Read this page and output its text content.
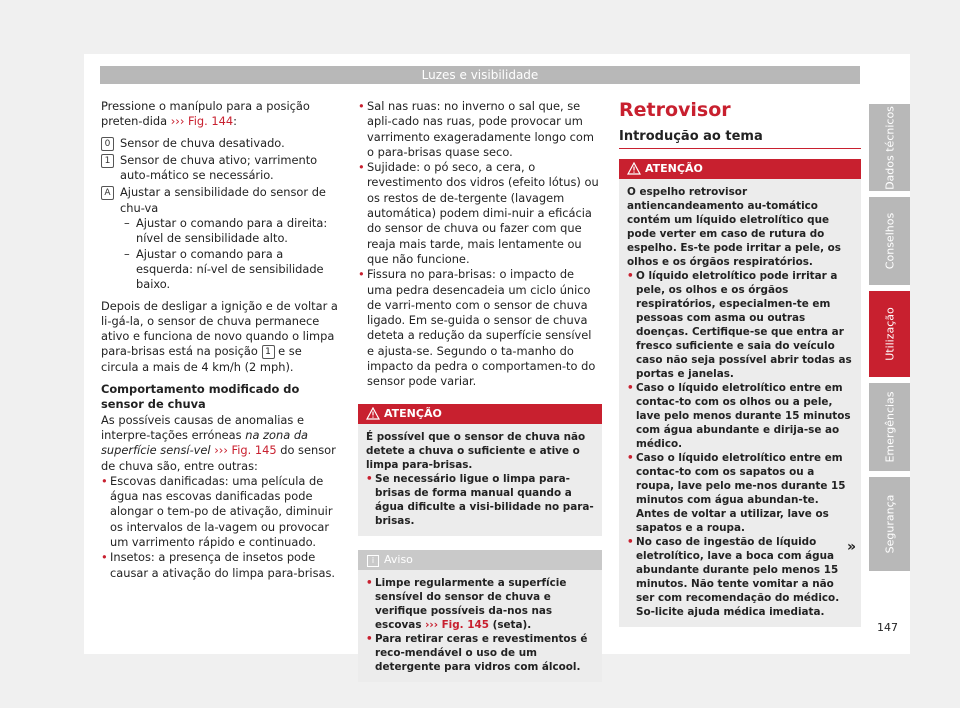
Luzes e visibilidade

Pressione o manípulo para a posição preten-dida ››› Fig. 144:

0 Sensor de chuva desativado.
1 Sensor de chuva ativo; varrimento auto-mático se necessário.
A Ajustar a sensibilidade do sensor de chu-va
– Ajustar o comando para a direita: nível de sensibilidade alto.
– Ajustar o comando para a esquerda: ní-vel de sensibilidade baixo.

Depois de desligar a ignição e de voltar a li-gá-la, o sensor de chuva permanece ativo e funciona de novo quando o limpa para-brisas está na posição 1 e se circula a mais de 4 km/h (2 mph).

Comportamento modificado do sensor de chuva

As possíveis causas de anomalias e interpre-tações erróneas na zona da superfície sensí-vel ››› Fig. 145 do sensor de chuva são, entre outras:

• Escovas danificadas: uma película de água nas escovas danificadas pode alongar o tem-po de ativação, diminuir os intervalos de la-vagem ou provocar um varrimento rápido e continuado.
• Insetos: a presença de insetos pode causar a ativação do limpa para-brisas.
• Sal nas ruas: no inverno o sal que, se apli-cado nas ruas, pode provocar um varrimento exageradamente longo com o para-brisas quase seco.
• Sujidade: o pó seco, a cera, o revestimento dos vidros (efeito lótus) ou os restos de de-tergente (lavagem automática) podem dimi-nuir a eficácia do sensor de chuva ou fazer com que reaja mais tarde, mais lentamente ou que não funcione.
• Fissura no para-brisas: o impacto de uma pedra desencadeia um ciclo único de varri-mento com o sensor de chuva ligado. Em se-guida o sensor de chuva deteta a redução da superfície sensível e ajusta-se. Segundo o ta-manho do impacto da pedra o comportamen-to do sensor pode variar.
ATENÇÃO

É possível que o sensor de chuva não detete a chuva o suficiente e ative o limpa para-brisas.

• Se necessário ligue o limpa para-brisas de forma manual quando a água dificulte a visi-bilidade no para-brisas.
i Aviso
• Limpe regularmente a superfície sensível do sensor de chuva e verifique possíveis da-nos nas escovas ››› Fig. 145 (seta).
• Para retirar ceras e revestimentos é reco-mendável o uso de um detergente para vidros com álcool.
Retrovisor
Introdução ao tema
ATENÇÃO

O espelho retrovisor antiencandeamento au-tomático contém um líquido eletrolítico que pode verter em caso de rutura do espelho. Es-te pode irritar a pele, os olhos e os órgãos respiratórios.

• O líquido eletrolítico pode irritar a pele, os olhos e os órgãos respiratórios, especialmen-te em pessoas com asma ou outras doenças. Certifique-se que entra ar fresco suficiente e saia do veículo caso não seja possível abrir todas as portas e janelas.
• Caso o líquido eletrolítico entre em contac-to com os olhos ou a pele, lave pelo menos durante 15 minutos com água abundante e dirija-se ao médico.
• Caso o líquido eletrolítico entre em contac-to com os sapatos ou a roupa, lave pelo me-nos durante 15 minutos com água abundan-te. Antes de voltar a utilizar, lave os sapatos e a roupa.
• No caso de ingestão de líquido eletrolítico, lave a boca com água abundante durante pelo menos 15 minutos. Não tente vomitar a não ser com recomendação do médico. So-licite ajuda médica imediata.
»
Dados técnicos
Conselhos
Utilização
Emergências
Segurança
147
